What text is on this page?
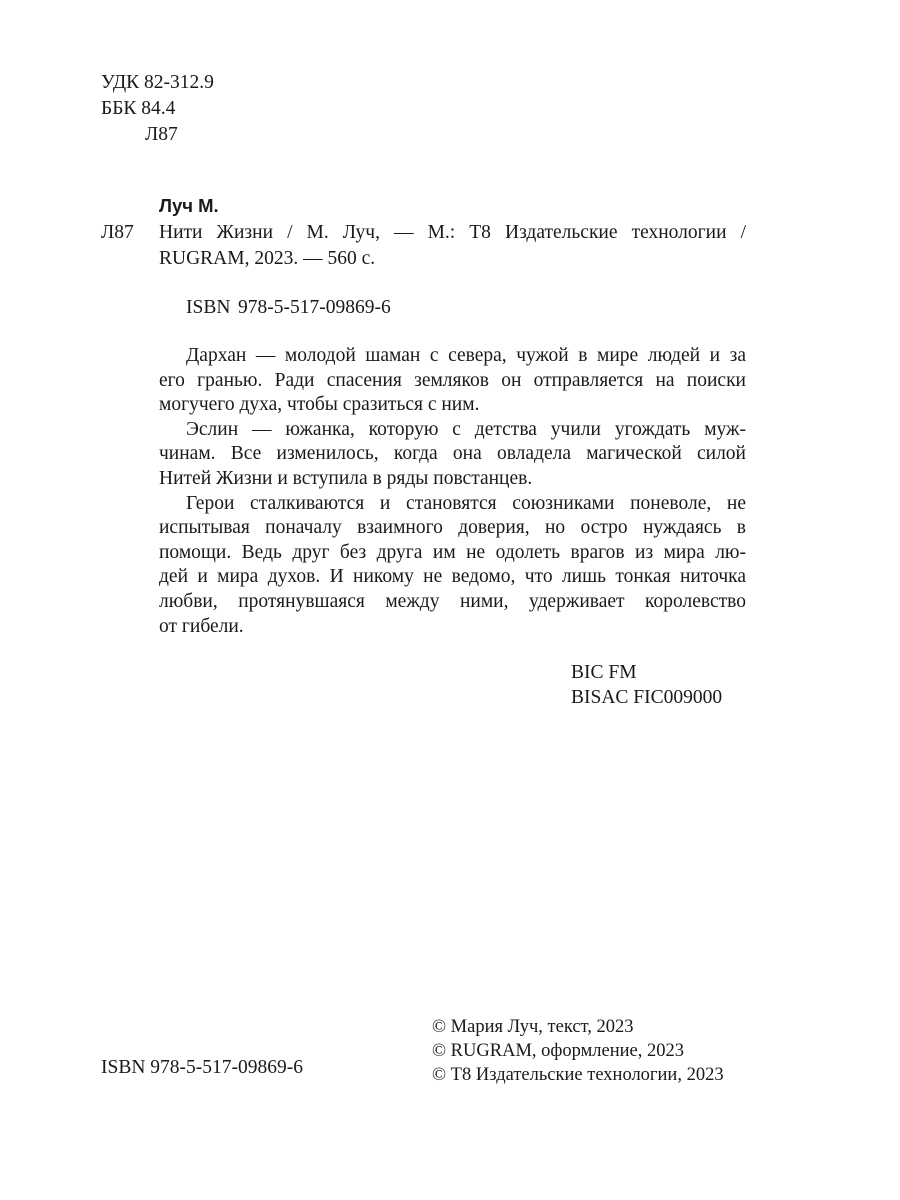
УДК 82-312.9
ББК 84.4
Л87
Луч М.
Л87 Нити Жизни / М. Луч, — М.: Т8 Издательские технологии /
RUGRAM, 2023. — 560 с.
ISBN 978-5-517-09869-6
Дархан — молодой шаман с севера, чужой в мире людей и за
его гранью. Ради спасения земляков он отправляется на поиски
могучего духа, чтобы сразиться с ним.
Эслин — южанка, которую с детства учили угождать муж-
чинам. Все изменилось, когда она овладела магической силой
Нитей Жизни и вступила в ряды повстанцев.
Герои сталкиваются и становятся союзниками поневоле, не
испытывая поначалу взаимного доверия, но остро нуждаясь в
помощи. Ведь друг без друга им не одолеть врагов из мира лю-
дей и мира духов. И никому не ведомо, что лишь тонкая ниточка
любви, протянувшаяся между ними, удерживает королевство
от гибели.
BIC FM
BISAC FIC009000
© Мария Луч, текст, 2023
© RUGRAM, оформление, 2023
© Т8 Издательские технологии, 2023
ISBN 978-5-517-09869-6
